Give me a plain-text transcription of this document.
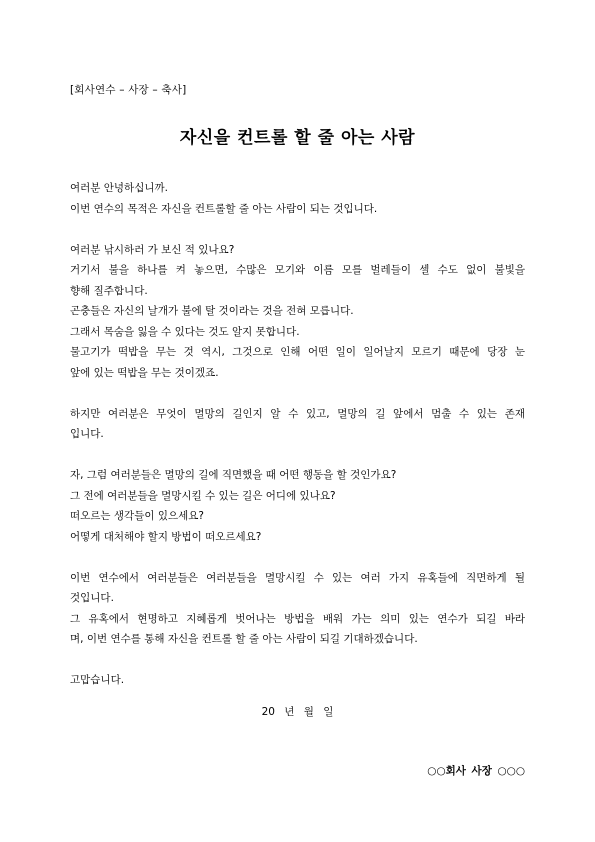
[회사연수 – 사장 – 축사]
자신을 컨트롤 할 줄 아는 사람
여러분 안녕하십니까.
이번 연수의 목적은 자신을 컨트롤할 줄 아는 사람이 되는 것입니다.
여러분 낚시하러 가 보신 적 있나요?
거기서 불을 하나를 켜 놓으면, 수많은 모기와 이름 모를 벌레들이 셀 수도 없이 불빛을
향해 질주합니다.
곤충들은 자신의 날개가 불에 탈 것이라는 것을 전혀 모릅니다.
그래서 목숨을 잃을 수 있다는 것도 알지 못합니다.
물고기가 떡밥을 무는 것 역시, 그것으로 인해 어떤 일이 일어날지 모르기 때문에 당장 눈
앞에 있는 떡밥을 무는 것이겠죠.
하지만 여러분은 무엇이 멸망의 길인지 알 수 있고, 멸망의 길 앞에서 멈출 수 있는 존재
입니다.
자, 그럼 여러분들은 멸망의 길에 직면했을 때 어떤 행동을 할 것인가요?
그 전에 여러분들을 멸망시킬 수 있는 길은 어디에 있나요?
떠오르는 생각들이 있으세요?
어떻게 대처해야 할지 방법이 떠오르세요?
이번 연수에서 여러분들은 여러분들을 멸망시킬 수 있는 여러 가지 유혹들에 직면하게 될
것입니다.
그 유혹에서 현명하고 지혜롭게 벗어나는 방법을 배워 가는 의미 있는 연수가 되길 바라
며, 이번 연수를 통해 자신을 컨트롤 할 줄 아는 사람이 되길 기대하겠습니다.
고맙습니다.
20 년 월 일
○○회사 사장 ○○○
